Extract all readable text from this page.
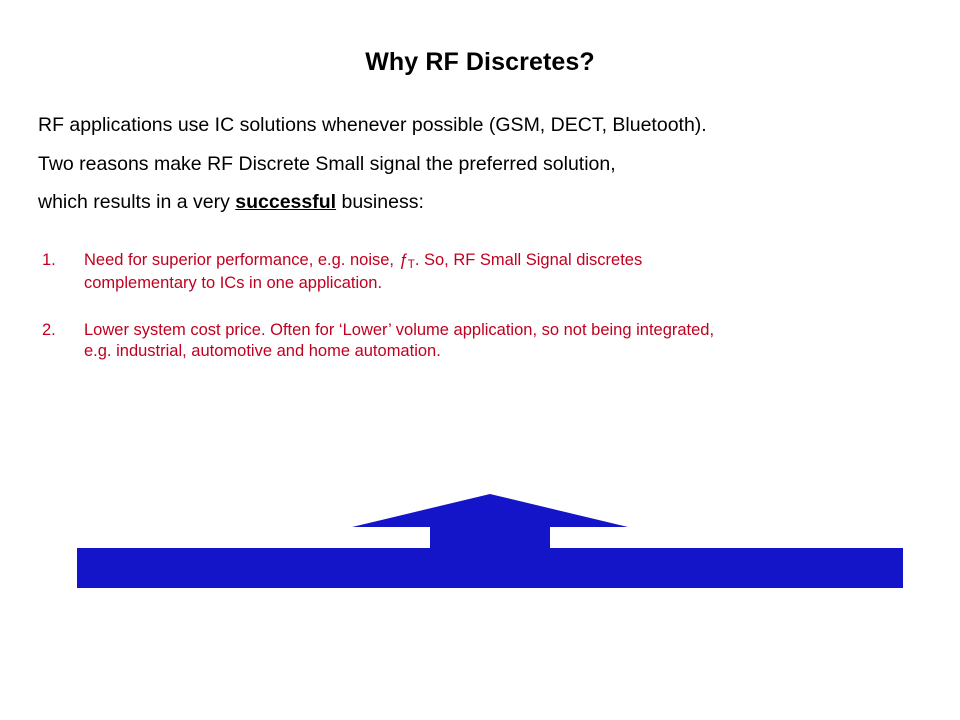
Why RF Discretes?
RF applications use IC solutions whenever possible (GSM, DECT, Bluetooth).
Two reasons make RF Discrete Small signal the preferred solution,
which results in a very successful business:
1.	Need for superior performance, e.g. noise, $ƒ_T$. So, RF Small Signal discretes
complementary to ICs in one application.
2.	Lower system cost price. Often for ‘Lower’ volume application, so not being integrated,
e.g. industrial, automotive and home automation.
